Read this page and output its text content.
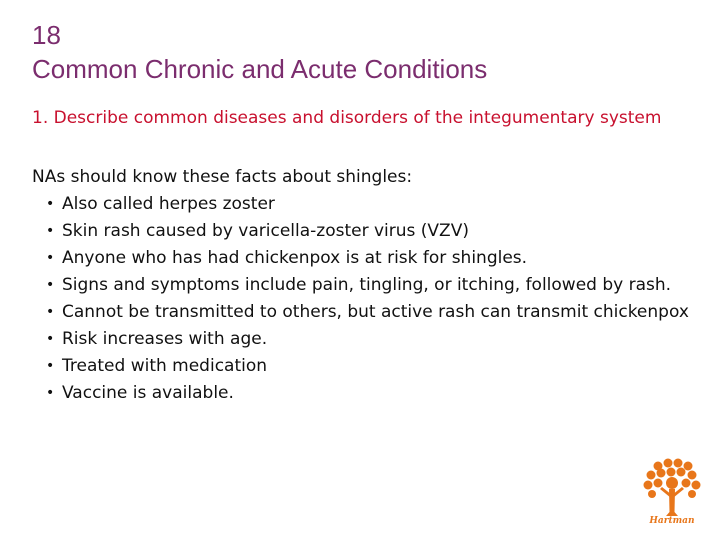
18
Common Chronic and Acute Conditions
1. Describe common diseases and disorders of the integumentary system
NAs should know these facts about shingles:
• Also called herpes zoster
• Skin rash caused by varicella-zoster virus (VZV)
• Anyone who has had chickenpox is at risk for shingles.
• Signs and symptoms include pain, tingling, or itching, followed by rash.
• Cannot be transmitted to others, but active rash can transmit chickenpox
• Risk increases with age.
• Treated with medication
• Vaccine is available.
Hartman
